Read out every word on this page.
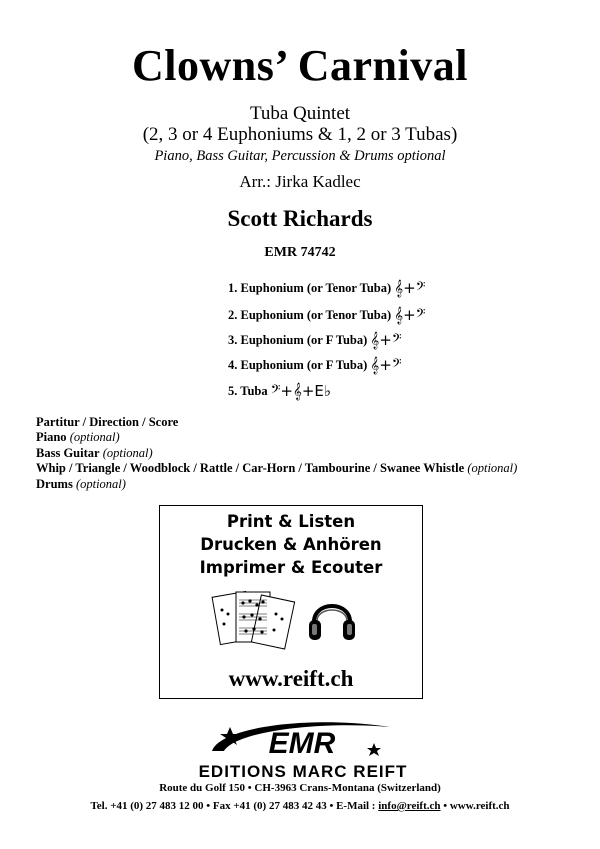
Clowns’ Carnival
Tuba Quintet
(2, 3 or 4 Euphoniums & 1, 2 or 3 Tubas)
Piano, Bass Guitar, Percussion & Drums optional
Arr.: Jirka Kadlec
Scott Richards
EMR 74742
1. Euphonium (or Tenor Tuba) 𝄞+𝄢
2. Euphonium (or Tenor Tuba) 𝄞+𝄢
3. Euphonium (or F Tuba) 𝄞+𝄢
4. Euphonium (or F Tuba) 𝄞+𝄢
5. Tuba 𝄢+𝄞+E♭
Partitur / Direction / Score
Piano (optional)
Bass Guitar (optional)
Whip / Triangle / Woodblock / Rattle / Car-Horn / Tambourine / Swanee Whistle (optional)
Drums (optional)
Print & Listen
Drucken & Anhören
Imprimer & Ecouter
www.reift.ch
EMR
EDITIONS MARC REIFT
Route du Golf 150 • CH-3963 Crans-Montana (Switzerland)
Tel. +41 (0) 27 483 12 00 • Fax +41 (0) 27 483 42 43 • E-Mail : info@reift.ch • www.reift.ch
